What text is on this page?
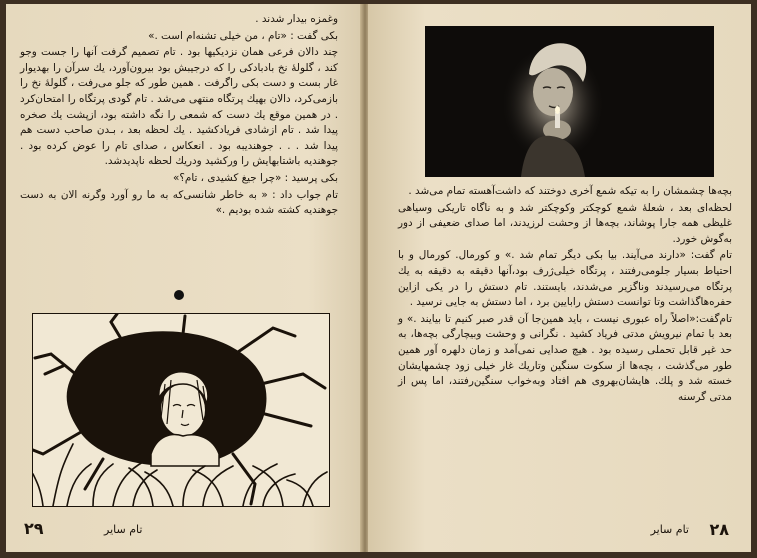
وغمزه بیدار شدند .

بکی گفت : «تام ، من خیلی تشنه‌ام است .»

چند دالان فرعی همان نزدیکیها بود . تام تصمیم گرفت آنها را جست وجو کند ، گلولهٔ نخ بادبادکی را که درجیبش بود بیرون‌آورد، یك سرآن را بهدیوار غار بست و دست بکی راگرفت . همین طور که جلو می‌رفت ، گلولهٔ نخ را بازمی‌کرد، دالان بهیك پرتگاه منتهی می‌شد . تام گودی پرتگاه را امتحان‌کرد . در همین موقع یك دست که شمعی را نگه داشته بود، ازپشت یك صخره پیدا شد . تام ازشادی فریادکشید . یك لحظه بعد ، بـدن صاحب دست هم پیدا شد . . . جوهندیبه بود . انعکاس ، صدای تام را عوض کرده بود . جوهندیه باشتابهایش را ورکشید ودریك لحظه ناپدیدشد.

بکی پرسید : «چرا جیغ کشیدی ، تام؟»

تام جواب داد : « به خاطر شانسی‌که به ما رو آورد وگرنه الان به دست جوهندیه کشته شده بودیم .»

۲۹	تام سایر

بچه‌ها چشمشان را به تیکه شمع آخری دوختند که داشت‌آهسته تمام می‌شد .

لحظه‌ای بعد ، شعلهٔ شمع کوچکتر وکوچکتر شد و به ناگاه تاریکی وسیاهی غلیظی همه جارا پوشاند، بچه‌ها از وحشت لرزیدند، اما صدای ضعیفی از دور به‌گوش خورد.

تام گفت: «دارند می‌آیند. بیا بکی دیگر تمام شد .» و کورمال. کورمال و با احتیاط بسیار جلومی‌رفتند ، پرتگاه خیلی‌ژرف بود،آنها دقیقه به دقیقه به یك پرتگاه می‌رسیدند وناگزیر می‌شدند، بایستند. تام دستش را در یکی ازاین حفره‌هاگذاشت وتا توانست دستش رابایین برد ، اما دستش به جایی نرسید .

تام‌گفت:«اصلاً راه عبوری نیست ، باید همین‌جا آن قدر صبر کنیم تا بیایند .» و بعد با تمام نیرویش مدتی فریاد کشید . نگرانی و وحشت وبیچارگی بچه‌ها، به حد غیر قابل تحملی رسیده بود . هیچ صدایی نمی‌آمد و زمان دلهره آور همین طور می‌گذشت ، بچه‌ها از سکوت سنگین وتاریك غار خیلی زود چشمهایشان خسته شد و پلك. هایشان‌بهروی هم افتاد وبه‌خواب سنگین‌رفتند، اما پس از مدتی گرسنه

۲۸
تام سایر
